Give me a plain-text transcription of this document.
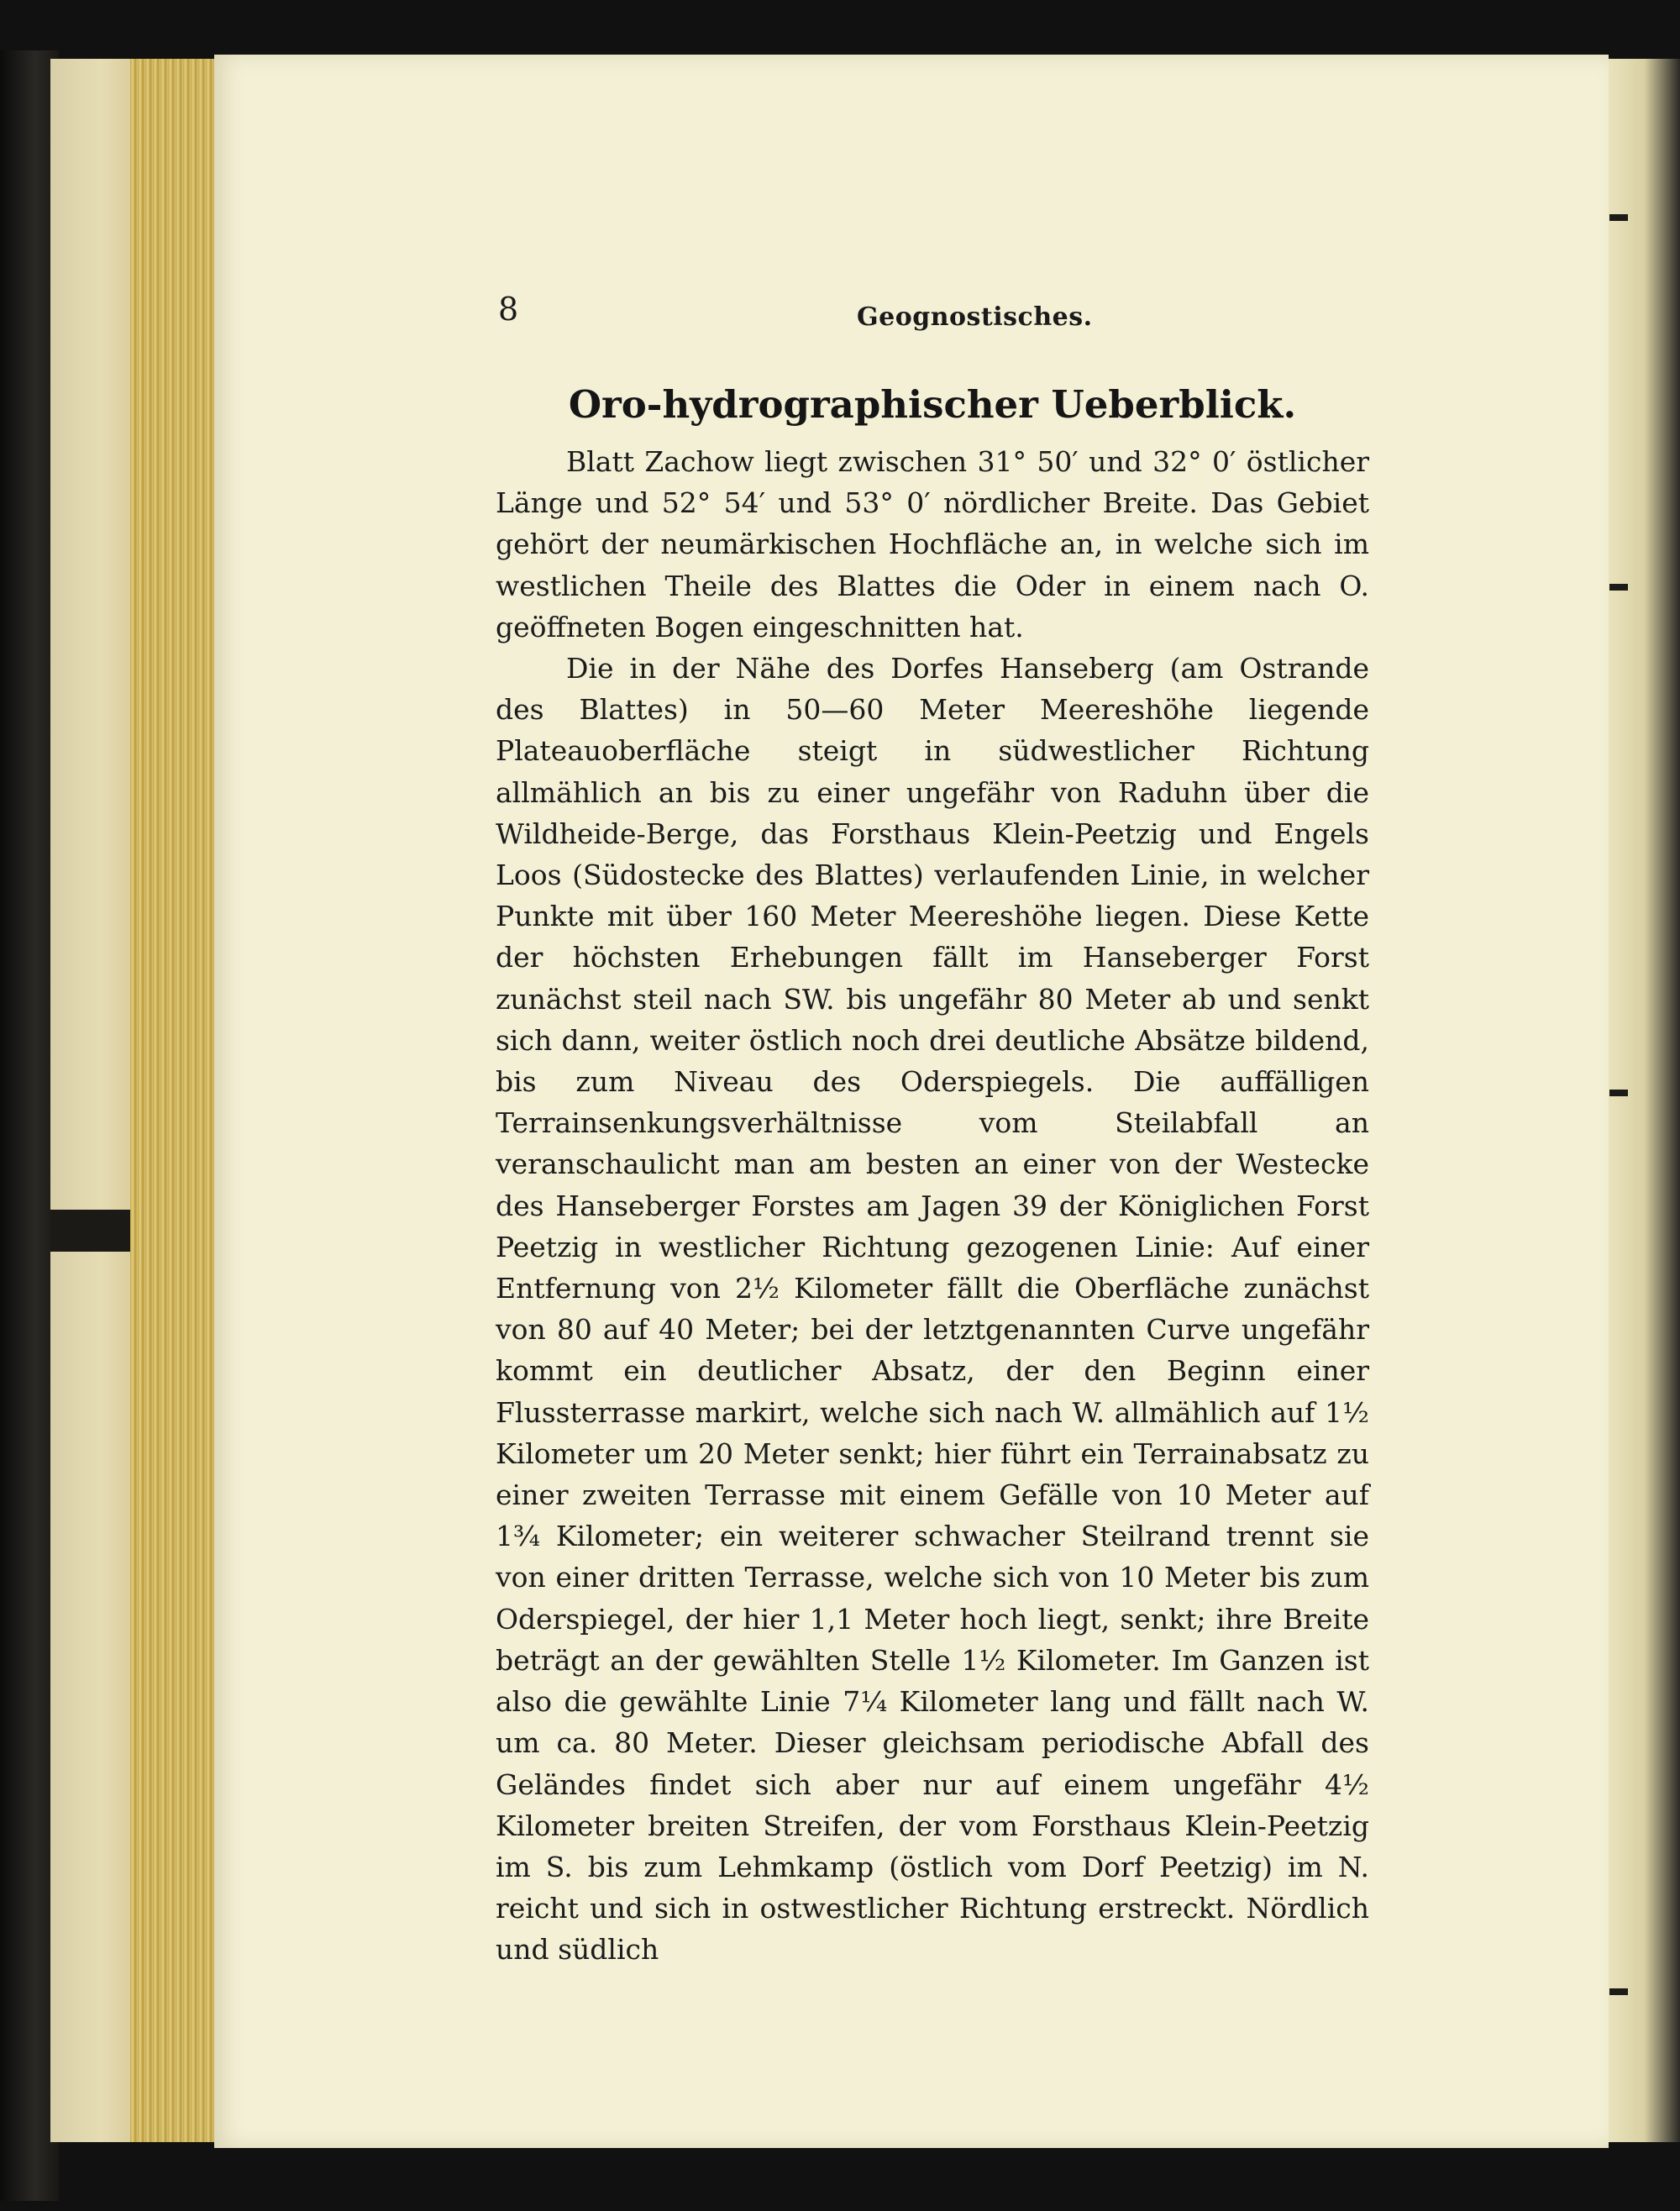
8	Geognostisches.
Oro-hydrographischer Ueberblick.

Blatt Zachow liegt zwischen 31° 50′ und 32° 0′ östlicher Länge und 52° 54′ und 53° 0′ nördlicher Breite. Das Gebiet gehört der neumärkischen Hochfläche an, in welche sich im westlichen Theile des Blattes die Oder in einem nach O. geöffneten Bogen eingeschnitten hat.

Die in der Nähe des Dorfes Hanseberg (am Ostrande des Blattes) in 50—60 Meter Meereshöhe liegende Plateauoberfläche steigt in südwestlicher Richtung allmählich an bis zu einer ungefähr von Raduhn über die Wildheide-Berge, das Forsthaus Klein-Peetzig und Engels Loos (Südostecke des Blattes) verlaufenden Linie, in welcher Punkte mit über 160 Meter Meereshöhe liegen. Diese Kette der höchsten Erhebungen fällt im Hanseberger Forst zunächst steil nach SW. bis ungefähr 80 Meter ab und senkt sich dann, weiter östlich noch drei deutliche Absätze bildend, bis zum Niveau des Oderspiegels. Die auffälligen Terrainsenkungsverhältnisse vom Steilabfall an veranschaulicht man am besten an einer von der Westecke des Hanseberger Forstes am Jagen 39 der Königlichen Forst Peetzig in westlicher Richtung gezogenen Linie: Auf einer Entfernung von 2½ Kilometer fällt die Oberfläche zunächst von 80 auf 40 Meter; bei der letztgenannten Curve ungefähr kommt ein deutlicher Absatz, der den Beginn einer Flussterrasse markirt, welche sich nach W. allmählich auf 1½ Kilometer um 20 Meter senkt; hier führt ein Terrainabsatz zu einer zweiten Terrasse mit einem Gefälle von 10 Meter auf 1¾ Kilometer; ein weiterer schwacher Steilrand trennt sie von einer dritten Terrasse, welche sich von 10 Meter bis zum Oderspiegel, der hier 1,1 Meter hoch liegt, senkt; ihre Breite beträgt an der gewählten Stelle 1½ Kilometer. Im Ganzen ist also die gewählte Linie 7¼ Kilometer lang und fällt nach W. um ca. 80 Meter. Dieser gleichsam periodische Abfall des Geländes findet sich aber nur auf einem ungefähr 4½ Kilometer breiten Streifen, der vom Forsthaus Klein-Peetzig im S. bis zum Lehmkamp (östlich vom Dorf Peetzig) im N. reicht und sich in ostwestlicher Richtung erstreckt. Nördlich und südlich
